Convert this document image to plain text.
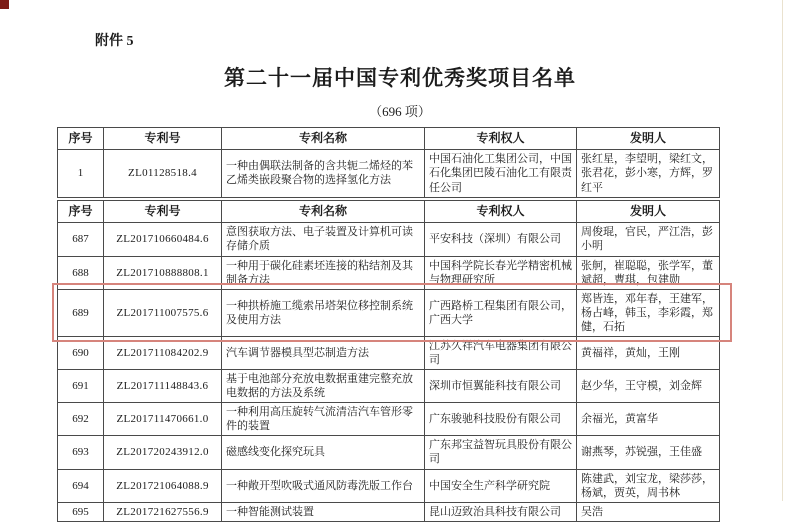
附件 5
第二十一届中国专利优秀奖项目名单
（696 项）
序号	专利号	专利名称	专利权人	发明人
1	ZL01128518.4	一种由偶联法制备的含共轭二烯烃的苯乙烯类嵌段聚合物的选择氢化方法	中国石油化工集团公司，中国石化集团巴陵石油化工有限责任公司	张红星，李望明，梁红文，张君花，彭小寒，方辉，罗红平
序号	专利号	专利名称	专利权人	发明人
687	ZL201710660484.6	意图获取方法、电子装置及计算机可读存储介质	平安科技（深圳）有限公司	周俊琨，官民，严江浩，彭小明
688	ZL201710888808.1	一种用于碳化硅素坯连接的粘结剂及其制备方法	中国科学院长春光学精密机械与物理研究所	张舸，崔聪聪，张学军，董斌超，曹琪，包建勋
689	ZL201711007575.6	一种拱桥施工缆索吊塔架位移控制系统及使用方法	广西路桥工程集团有限公司，广西大学	郑皆连，邓年春，王建军，杨占峰，韩玉，李彩霞，郑健，石拓
690	ZL201711084202.9	汽车调节器模具型芯制造方法	江苏久祥汽车电器集团有限公司	黄福祥，黄灿，王刚
691	ZL201711148843.6	基于电池部分充放电数据重建完整充放电数据的方法及系统	深圳市恒翼能科技有限公司	赵少华，王守模，刘金辉
692	ZL201711470661.0	一种利用高压旋转气流清洁汽车管形零件的装置	广东骏驰科技股份有限公司	余福光，黄富华
693	ZL201720243912.0	磁感线变化探究玩具	广东邦宝益智玩具股份有限公司	谢燕琴，苏锐强，王佳盛
694	ZL201721064088.9	一种敞开型吹吸式通风防毒洗版工作台	中国安全生产科学研究院	陈建武，刘宝龙，梁莎莎，杨斌，贾英，周书林
695	ZL201721627556.9	一种智能测试装置	昆山迈致治具科技有限公司	吴浩
